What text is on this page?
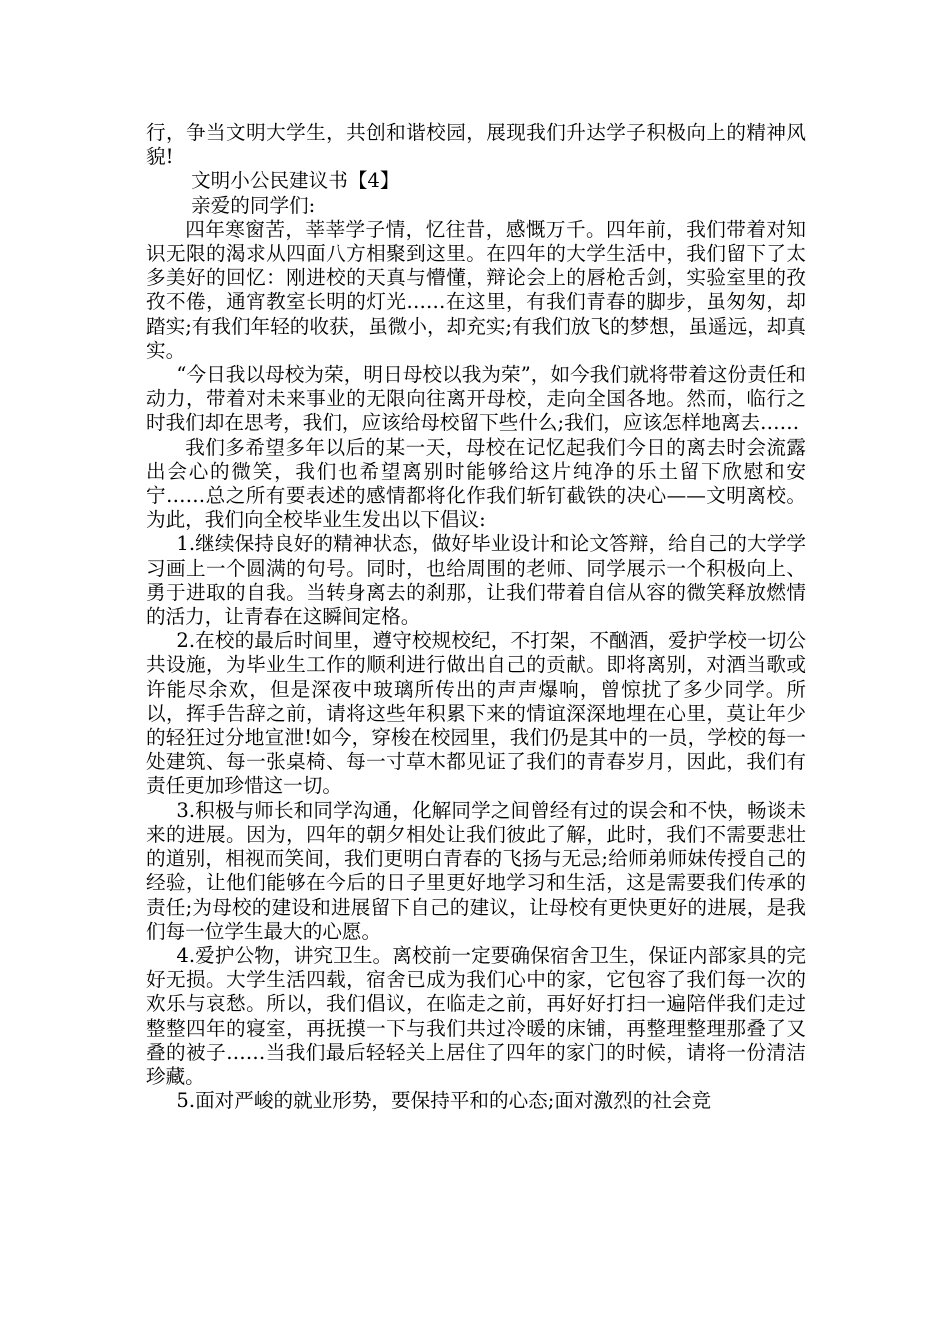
行，争当文明大学生，共创和谐校园，展现我们升达学子积极向上的精神风貌!

文明小公民建议书【4】

亲爱的同学们:

四年寒窗苦，莘莘学子情，忆往昔，感慨万千。四年前，我们带着对知识无限的渴求从四面八方相聚到这里。在四年的大学生活中，我们留下了太多美好的回忆：刚进校的天真与懵懂，辩论会上的唇枪舌剑，实验室里的孜孜不倦，通宵教室长明的灯光……在这里，有我们青春的脚步，虽匆匆，却踏实;有我们年轻的收获，虽微小，却充实;有我们放飞的梦想，虽遥远，却真实。

“今日我以母校为荣，明日母校以我为荣”，如今我们就将带着这份责任和动力，带着对未来事业的无限向往离开母校，走向全国各地。然而，临行之时我们却在思考，我们，应该给母校留下些什么;我们，应该怎样地离去……

我们多希望多年以后的某一天，母校在记忆起我们今日的离去时会流露出会心的微笑，我们也希望离别时能够给这片纯净的乐土留下欣慰和安宁……总之所有要表述的感情都将化作我们斩钉截铁的决心——文明离校。为此，我们向全校毕业生发出以下倡议:

1.继续保持良好的精神状态，做好毕业设计和论文答辩，给自己的大学学习画上一个圆满的句号。同时，也给周围的老师、同学展示一个积极向上、勇于进取的自我。当转身离去的刹那，让我们带着自信从容的微笑释放燃情的活力，让青春在这瞬间定格。

2.在校的最后时间里，遵守校规校纪，不打架，不酗酒，爱护学校一切公共设施，为毕业生工作的顺利进行做出自己的贡献。即将离别，对酒当歌或许能尽余欢，但是深夜中玻璃所传出的声声爆响，曾惊扰了多少同学。所以，挥手告辞之前，请将这些年积累下来的情谊深深地埋在心里，莫让年少的轻狂过分地宣泄!如今，穿梭在校园里，我们仍是其中的一员，学校的每一处建筑、每一张桌椅、每一寸草木都见证了我们的青春岁月，因此，我们有责任更加珍惜这一切。

3.积极与师长和同学沟通，化解同学之间曾经有过的误会和不快，畅谈未来的进展。因为，四年的朝夕相处让我们彼此了解，此时，我们不需要悲壮的道别，相视而笑间，我们更明白青春的飞扬与无忌;给师弟师妹传授自己的经验，让他们能够在今后的日子里更好地学习和生活，这是需要我们传承的责任;为母校的建设和进展留下自己的建议，让母校有更快更好的进展，是我们每一位学生最大的心愿。

4.爱护公物，讲究卫生。离校前一定要确保宿舍卫生，保证内部家具的完好无损。大学生活四载，宿舍已成为我们心中的家，它包容了我们每一次的欢乐与哀愁。所以，我们倡议，在临走之前，再好好打扫一遍陪伴我们走过整整四年的寝室，再抚摸一下与我们共过冷暖的床铺，再整理整理那叠了又叠的被子……当我们最后轻轻关上居住了四年的家门的时候，请将一份清洁珍藏。

5.面对严峻的就业形势，要保持平和的心态;面对激烈的社会竞
